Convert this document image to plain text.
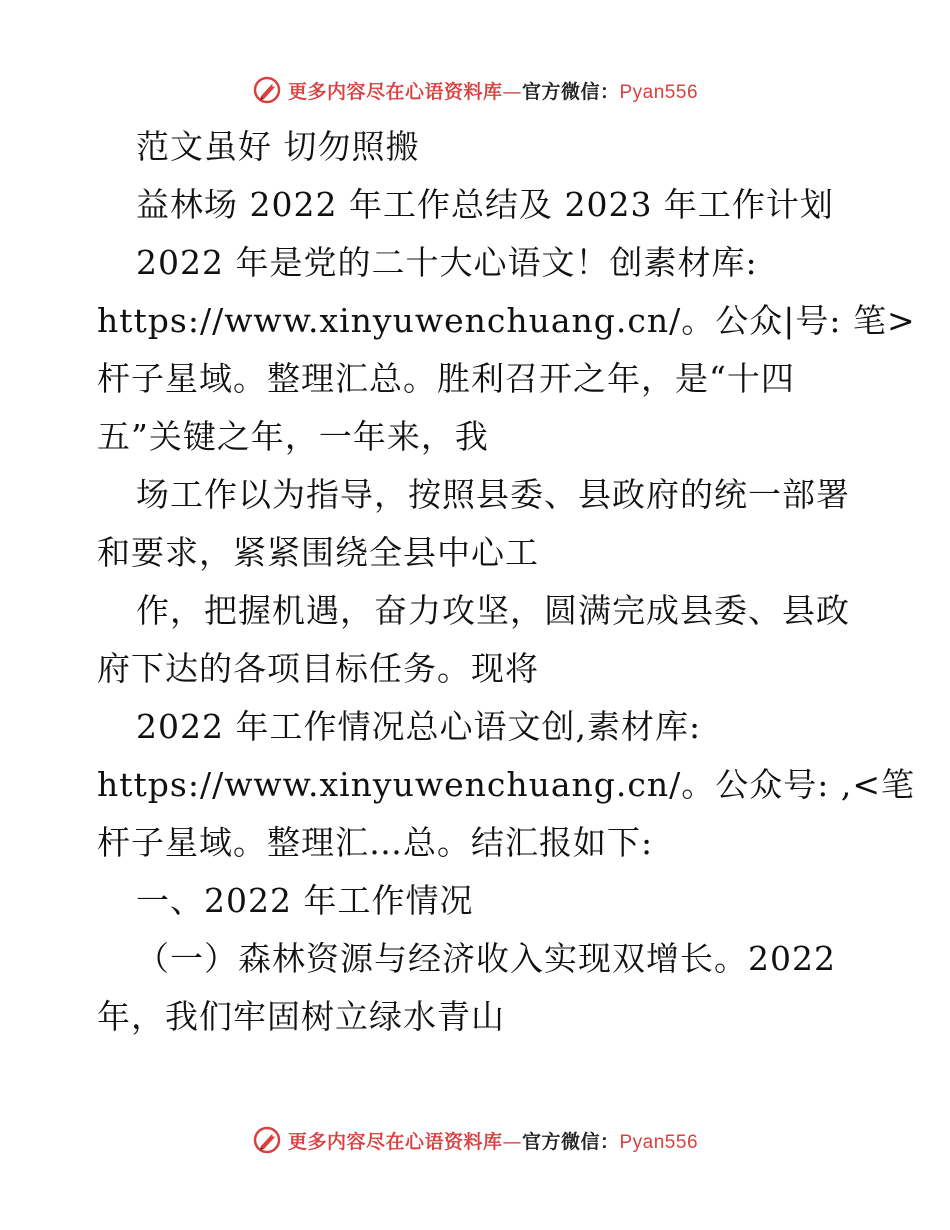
更多内容尽在心语资料库—官方微信：Pyan556
范文虽好 切勿照搬
益林场 2022 年工作总结及 2023 年工作计划
2022 年是党的二十大心语文！创素材库:
https://www.xinyuwenchuang.cn/。公众|号: 笔>
杆子星域。整理汇总。胜利召开之年，是“十四
五”关键之年，一年来，我
场工作以为指导，按照县委、县政府的统一部署
和要求，紧紧围绕全县中心工
作，把握机遇，奋力攻坚，圆满完成县委、县政
府下达的各项目标任务。现将
2022 年工作情况总心语文创,素材库:
https://www.xinyuwenchuang.cn/。公众号: ,<笔
杆子星域。整理汇…总。结汇报如下:
一、2022 年工作情况
（一）森林资源与经济收入实现双增长。2022
年，我们牢固树立绿水青山
更多内容尽在心语资料库—官方微信：Pyan556
